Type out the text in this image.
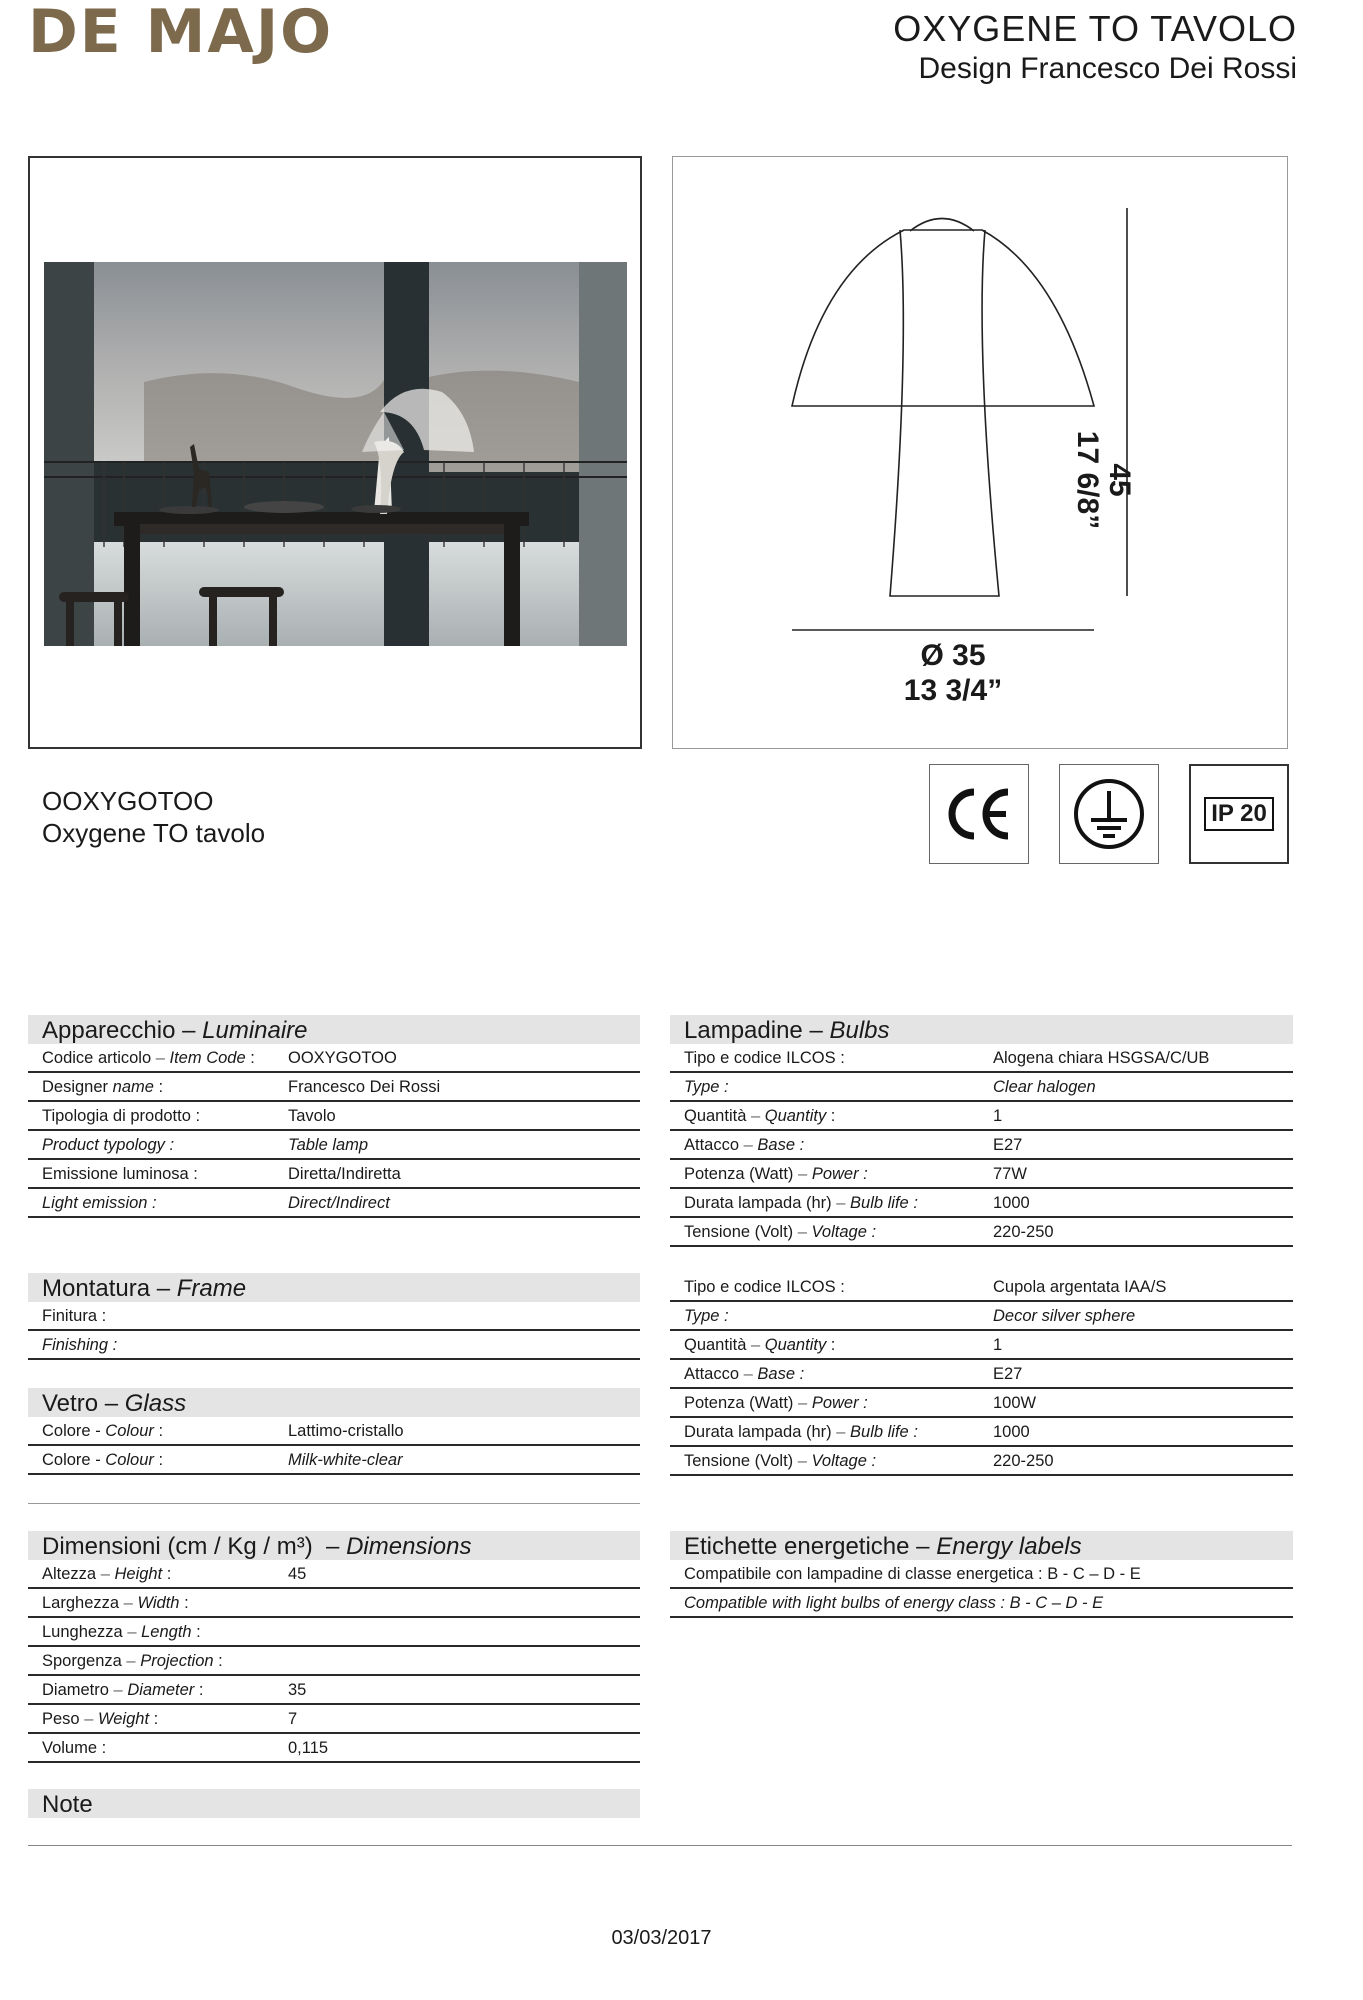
DE MAJO	OXYGENE TO TAVOLO
Design Francesco Dei Rossi
45
17 6/8”
Ø 35
13 3/4”
OOXYGOTOO
Oxygene TO tavolo
IP 20
Apparecchio – Luminaire
Codice articolo – Item Code : OOXYGOTOO
Designer name :	Francesco Dei Rossi
Tipologia di prodotto :	Tavolo
Product typology :	Table lamp
Emissione luminosa :	Diretta/Indiretta
Light emission :	Direct/Indirect
Montatura – Frame
Finitura :
Finishing :
Vetro – Glass
Colore - Colour :	Lattimo-cristallo
Colore - Colour :	Milk-white-clear
Dimensioni (cm / Kg / m³) – Dimensions
Altezza – Height :	45
Larghezza – Width :
Lunghezza – Length :
Sporgenza – Projection :
Diametro – Diameter :	35
Peso – Weight :	7
Volume :	0,115
Note
Lampadine – Bulbs
Tipo e codice ILCOS :	Alogena chiara HSGSA/C/UB
Type :	Clear halogen
Quantità – Quantity :	1
Attacco – Base :	E27
Potenza (Watt) – Power :	77W
Durata lampada (hr) – Bulb life :	1000
Tensione (Volt) – Voltage :	220-250
Tipo e codice ILCOS :	Cupola argentata IAA/S
Type :	Decor silver sphere
Quantità – Quantity :	1
Attacco – Base :	E27
Potenza (Watt) – Power :	100W
Durata lampada (hr) – Bulb life :	1000
Tensione (Volt) – Voltage :	220-250
Etichette energetiche – Energy labels
Compatibile con lampadine di classe energetica : B - C – D - E
Compatible with light bulbs of energy class : B - C – D - E
03/03/2017
